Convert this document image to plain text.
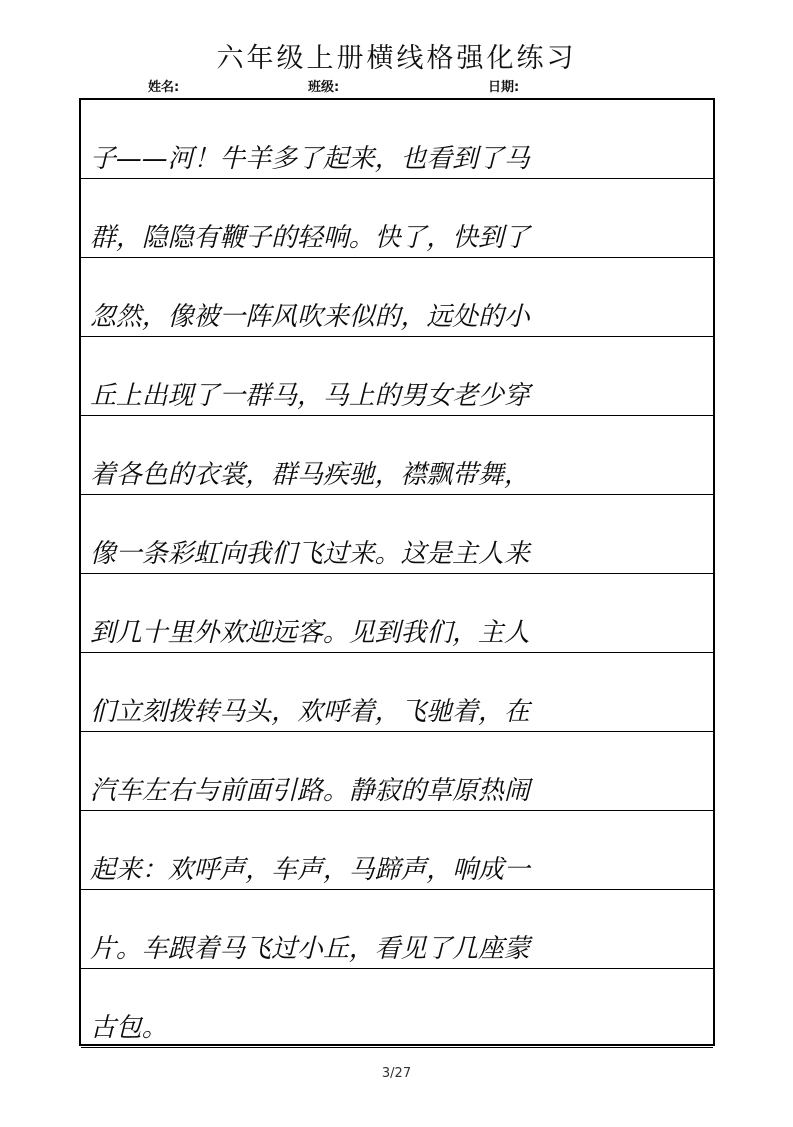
六年级上册横线格强化练习
姓名:	班级:	日期:
子——河！牛羊多了起来，也看到了马
群，隐隐有鞭子的轻响。快了，快到了
忽然，像被一阵风吹来似的，远处的小
丘上出现了一群马，马上的男女老少穿
着各色的衣裳，群马疾驰，襟飘带舞，
像一条彩虹向我们飞过来。这是主人来
到几十里外欢迎远客。见到我们，主人
们立刻拨转马头，欢呼着，飞驰着，在
汽车左右与前面引路。静寂的草原热闹
起来：欢呼声，车声，马蹄声，响成一
片。车跟着马飞过小丘，看见了几座蒙
古包。
3/27
